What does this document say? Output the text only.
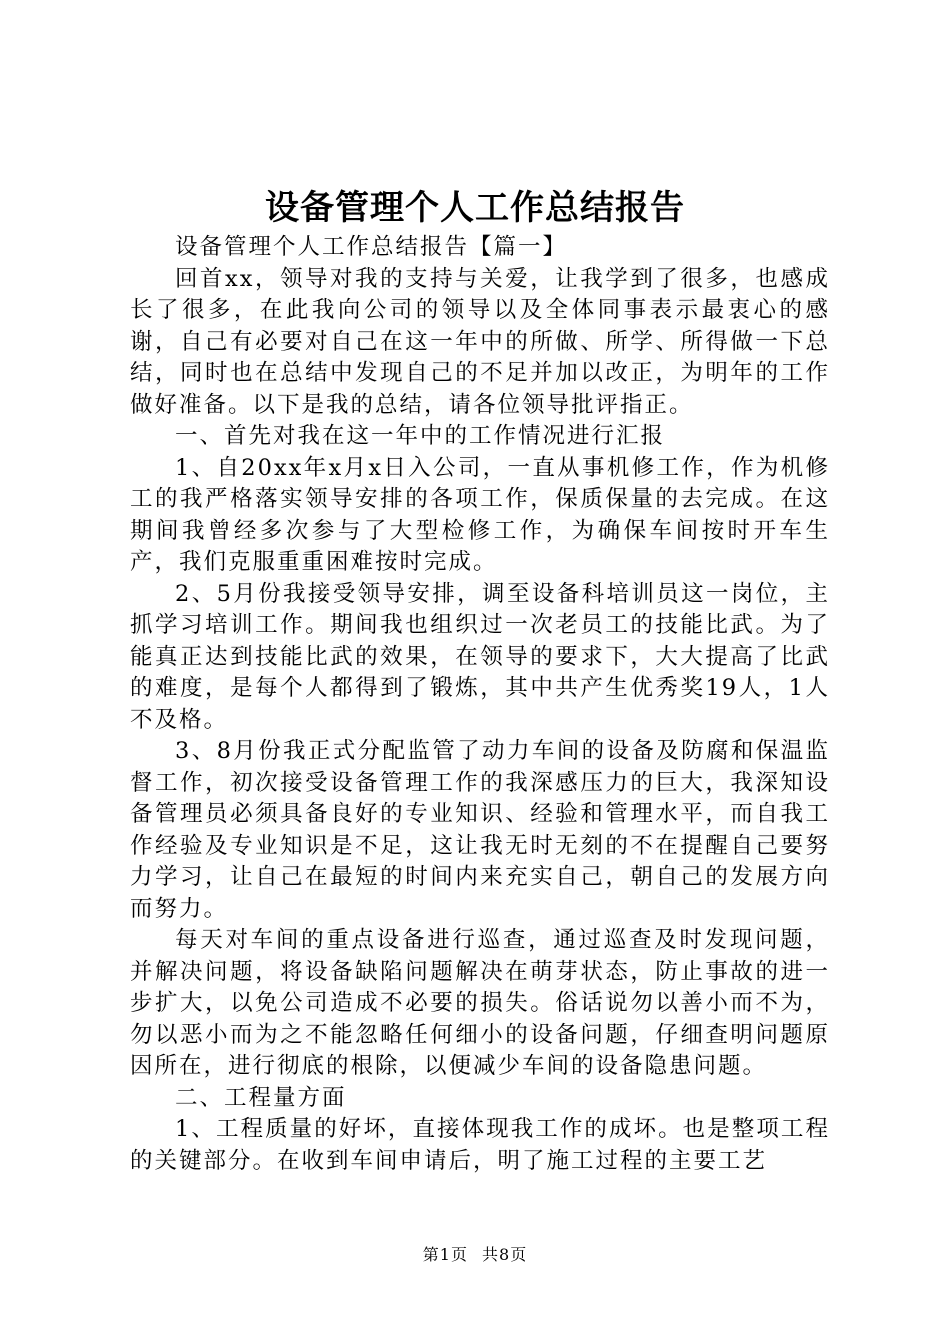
设备管理个人工作总结报告

设备管理个人工作总结报告【篇一】

回首xx，领导对我的支持与关爱，让我学到了很多，也感成长了很多，在此我向公司的领导以及全体同事表示最衷心的感谢，自己有必要对自己在这一年中的所做、所学、所得做一下总结，同时也在总结中发现自己的不足并加以改正，为明年的工作做好准备。以下是我的总结，请各位领导批评指正。

一、首先对我在这一年中的工作情况进行汇报

1、自20xx年x月x日入公司，一直从事机修工作，作为机修工的我严格落实领导安排的各项工作，保质保量的去完成。在这期间我曾经多次参与了大型检修工作，为确保车间按时开车生产，我们克服重重困难按时完成。

2、5月份我接受领导安排，调至设备科培训员这一岗位，主抓学习培训工作。期间我也组织过一次老员工的技能比武。为了能真正达到技能比武的效果，在领导的要求下，大大提高了比武的难度，是每个人都得到了锻炼，其中共产生优秀奖19人，1人不及格。

3、8月份我正式分配监管了动力车间的设备及防腐和保温监督工作，初次接受设备管理工作的我深感压力的巨大，我深知设备管理员必须具备良好的专业知识、经验和管理水平，而自我工作经验及专业知识是不足，这让我无时无刻的不在提醒自己要努力学习，让自己在最短的时间内来充实自己，朝自己的发展方向而努力。

每天对车间的重点设备进行巡查，通过巡查及时发现问题，并解决问题，将设备缺陷问题解决在萌芽状态，防止事故的进一步扩大，以免公司造成不必要的损失。俗话说勿以善小而不为，勿以恶小而为之不能忽略任何细小的设备问题，仔细查明问题原因所在，进行彻底的根除，以便减少车间的设备隐患问题。

二、工程量方面

1、工程质量的好坏，直接体现我工作的成坏。也是整项工程的关键部分。在收到车间申请后，明了施工过程的主要工艺

第1页 共8页
